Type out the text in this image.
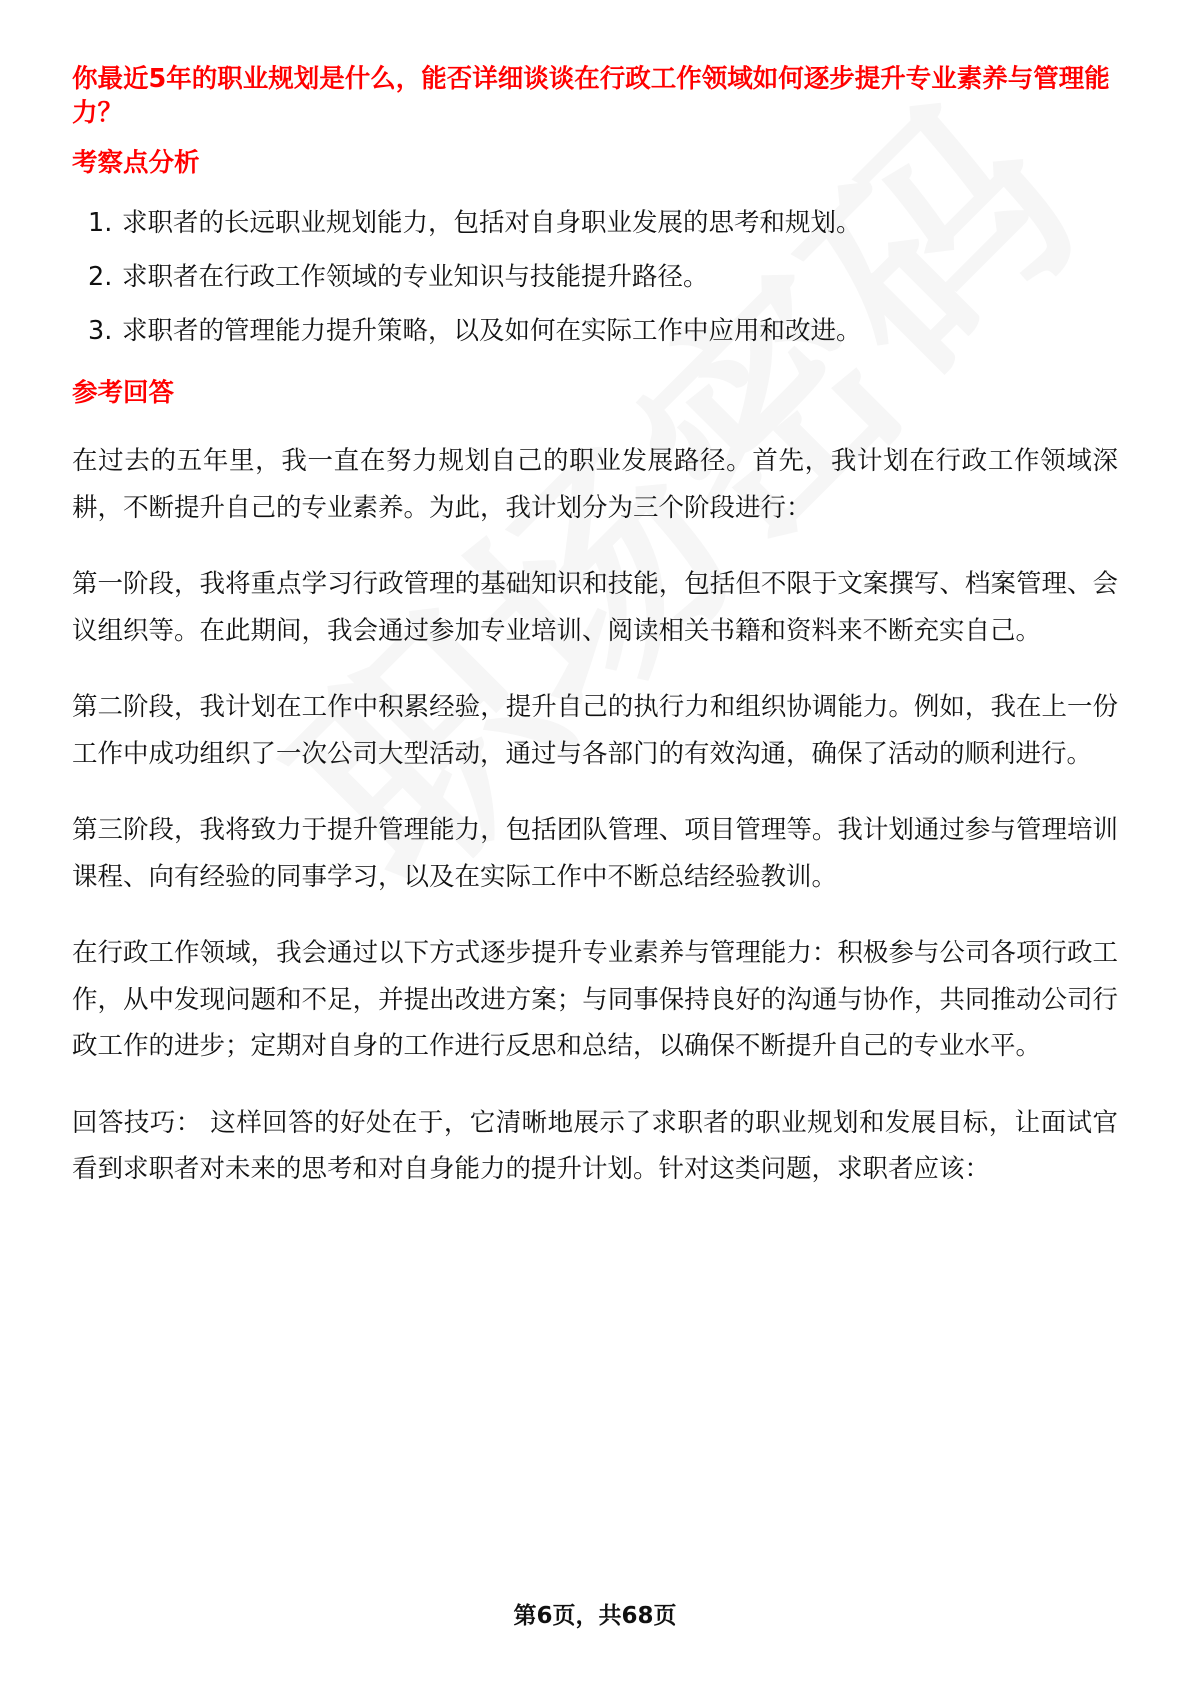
你最近5年的职业规划是什么，能否详细谈谈在行政工作领域如何逐步提升专业素养与管理能力？
考察点分析
1. 求职者的长远职业规划能力，包括对自身职业发展的思考和规划。
2. 求职者在行政工作领域的专业知识与技能提升路径。
3. 求职者的管理能力提升策略，以及如何在实际工作中应用和改进。
参考回答

在过去的五年里，我一直在努力规划自己的职业发展路径。首先，我计划在行政工作领域深耕，不断提升自己的专业素养。为此，我计划分为三个阶段进行：

第一阶段，我将重点学习行政管理的基础知识和技能，包括但不限于文案撰写、档案管理、会议组织等。在此期间，我会通过参加专业培训、阅读相关书籍和资料来不断充实自己。

第二阶段，我计划在工作中积累经验，提升自己的执行力和组织协调能力。例如，我在上一份工作中成功组织了一次公司大型活动，通过与各部门的有效沟通，确保了活动的顺利进行。

第三阶段，我将致力于提升管理能力，包括团队管理、项目管理等。我计划通过参与管理培训课程、向有经验的同事学习，以及在实际工作中不断总结经验教训。

在行政工作领域，我会通过以下方式逐步提升专业素养与管理能力：积极参与公司各项行政工作，从中发现问题和不足，并提出改进方案；与同事保持良好的沟通与协作，共同推动公司行政工作的进步；定期对自身的工作进行反思和总结，以确保不断提升自己的专业水平。

回答技巧： 这样回答的好处在于，它清晰地展示了求职者的职业规划和发展目标，让面试官看到求职者对未来的思考和对自身能力的提升计划。针对这类问题，求职者应该：

第6页，共68页
